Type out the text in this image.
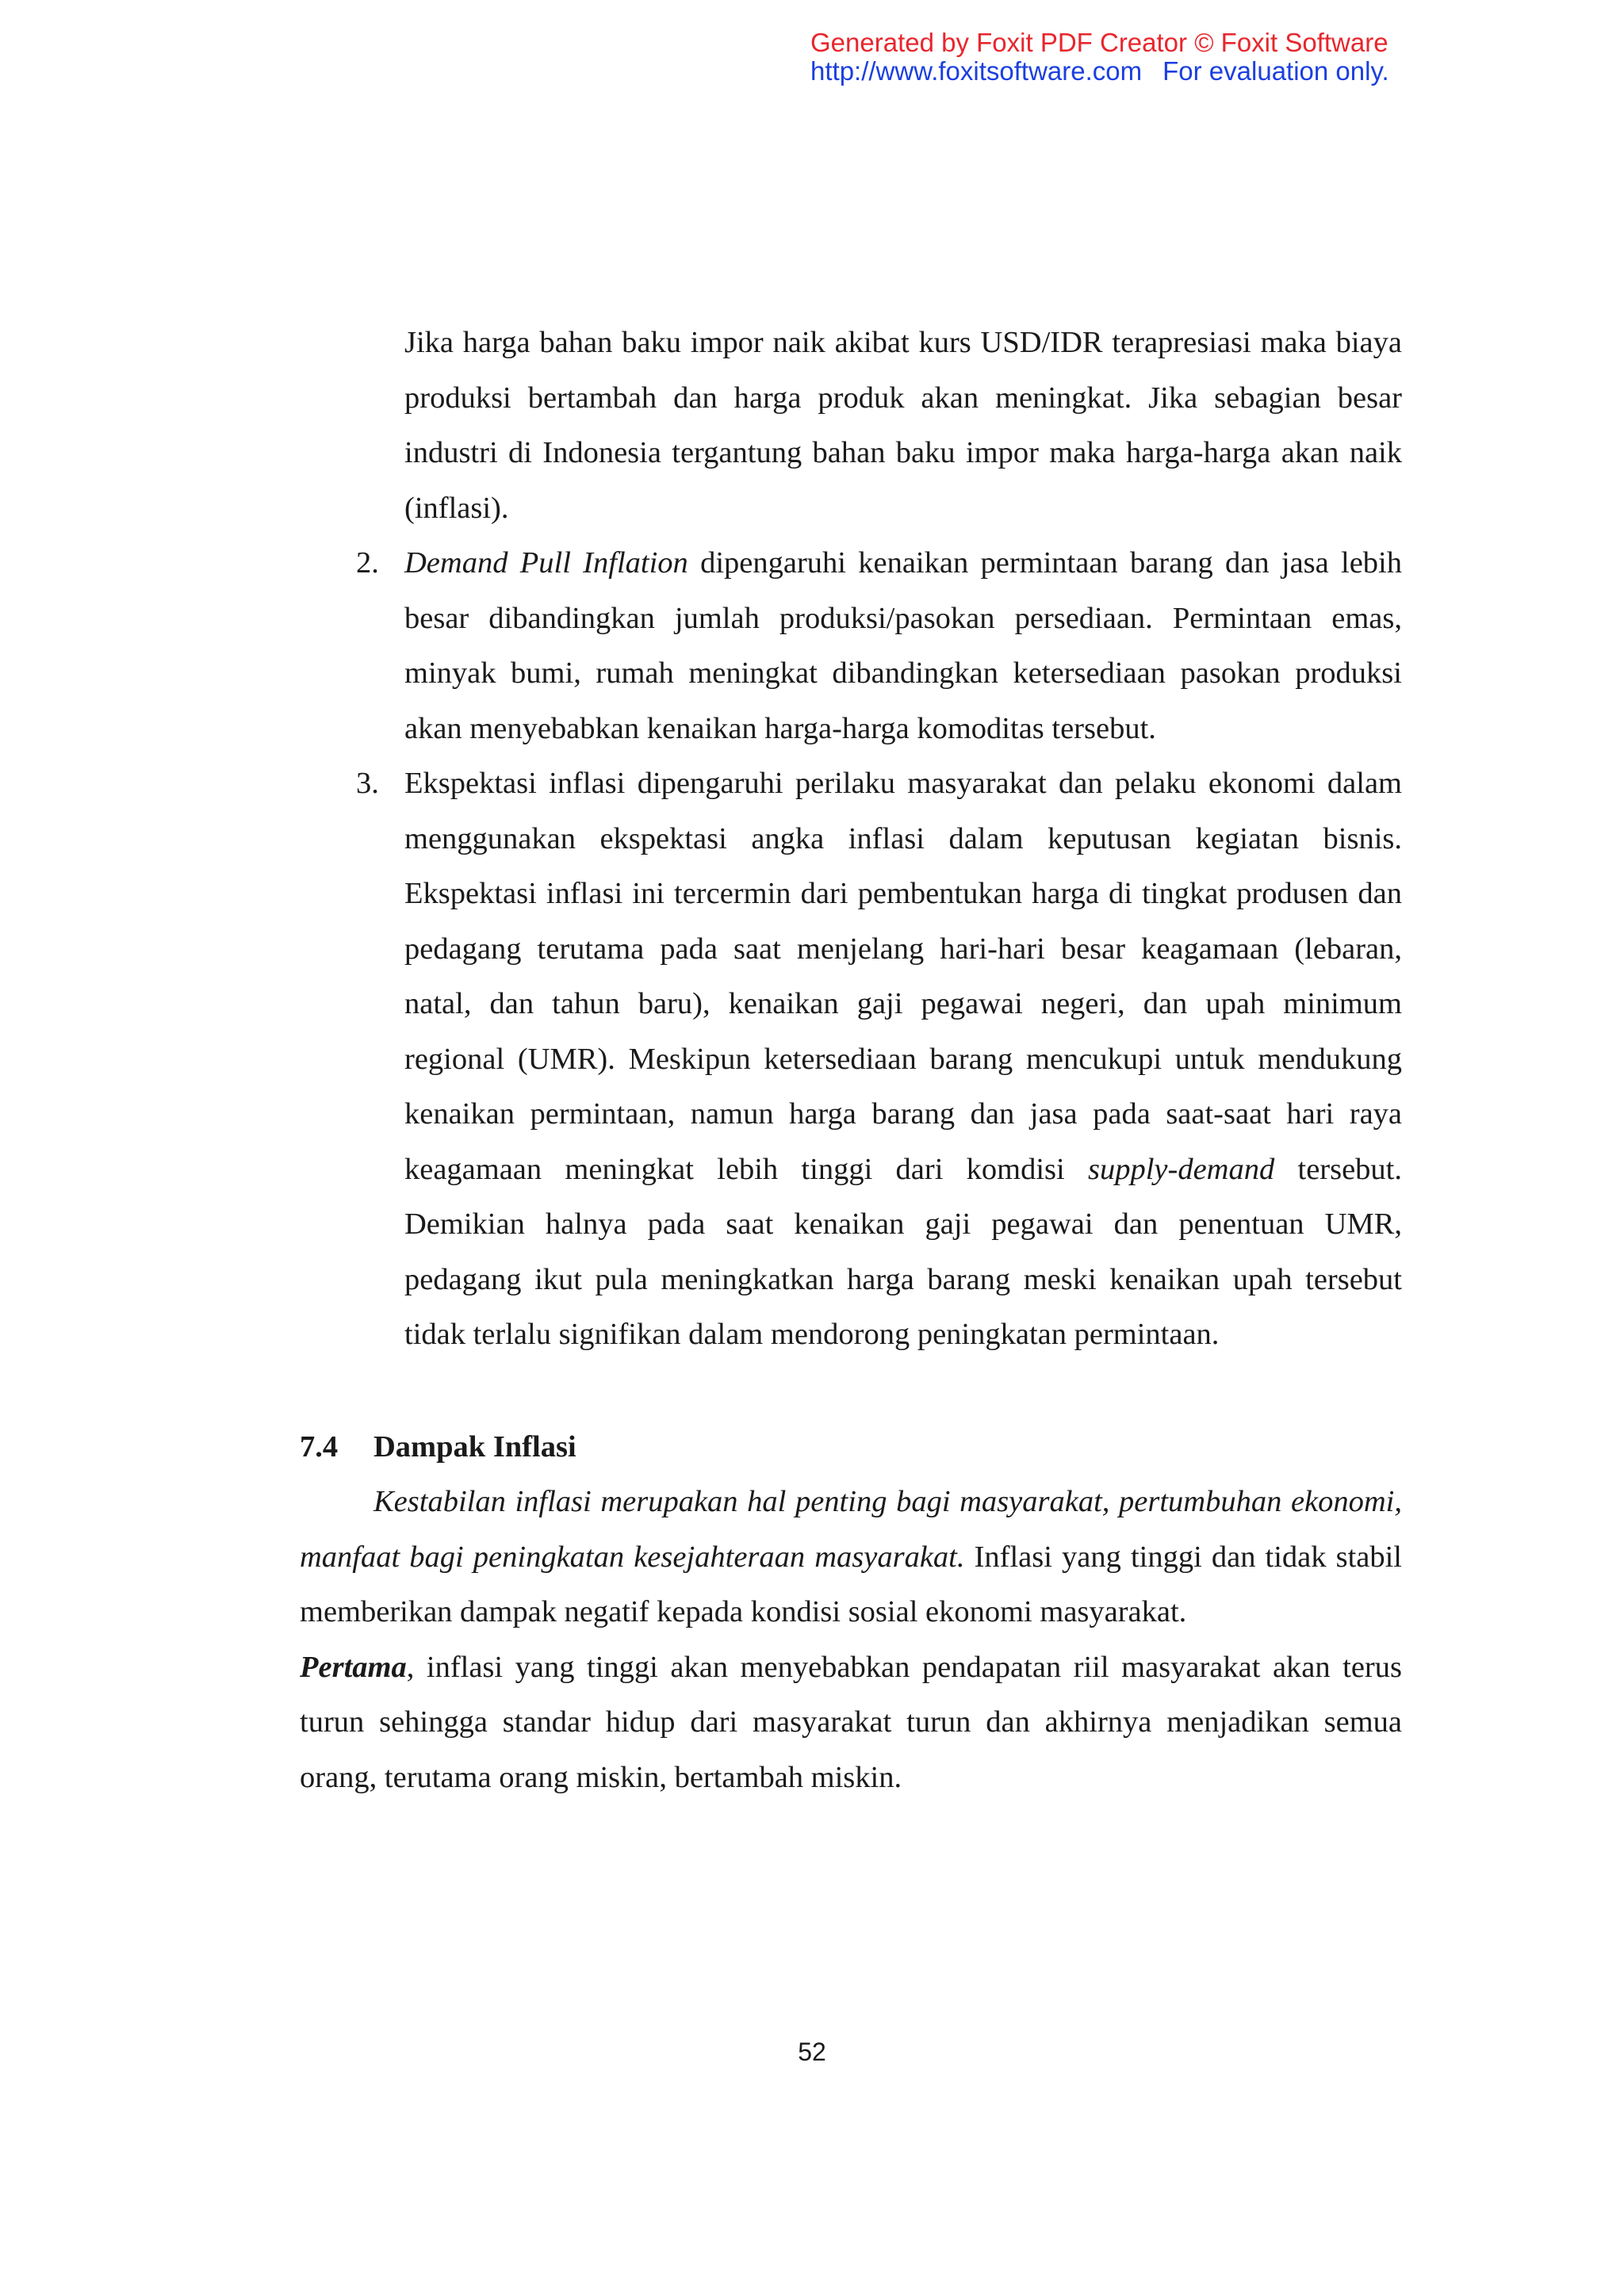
Generated by Foxit PDF Creator © Foxit Software
http://www.foxitsoftware.com For evaluation only.

Jika harga bahan baku impor naik akibat kurs USD/IDR terapresiasi maka biaya produksi bertambah dan harga produk akan meningkat. Jika sebagian besar industri di Indonesia tergantung bahan baku impor maka harga-harga akan naik (inflasi).

2. Demand Pull Inflation dipengaruhi kenaikan permintaan barang dan jasa lebih besar dibandingkan jumlah produksi/pasokan persediaan. Permintaan emas, minyak bumi, rumah meningkat dibandingkan ketersediaan pasokan produksi akan menyebabkan kenaikan harga-harga komoditas tersebut.

3. Ekspektasi inflasi dipengaruhi perilaku masyarakat dan pelaku ekonomi dalam menggunakan ekspektasi angka inflasi dalam keputusan kegiatan bisnis. Ekspektasi inflasi ini tercermin dari pembentukan harga di tingkat produsen dan pedagang terutama pada saat menjelang hari-hari besar keagamaan (lebaran, natal, dan tahun baru), kenaikan gaji pegawai negeri, dan upah minimum regional (UMR). Meskipun ketersediaan barang mencukupi untuk mendukung kenaikan permintaan, namun harga barang dan jasa pada saat-saat hari raya keagamaan meningkat lebih tinggi dari komdisi supply-demand tersebut. Demikian halnya pada saat kenaikan gaji pegawai dan penentuan UMR, pedagang ikut pula meningkatkan harga barang meski kenaikan upah tersebut tidak terlalu signifikan dalam mendorong peningkatan permintaan.

7.4 Dampak Inflasi

Kestabilan inflasi merupakan hal penting bagi masyarakat, pertumbuhan ekonomi, manfaat bagi peningkatan kesejahteraan masyarakat. Inflasi yang tinggi dan tidak stabil memberikan dampak negatif kepada kondisi sosial ekonomi masyarakat.

Pertama, inflasi yang tinggi akan menyebabkan pendapatan riil masyarakat akan terus turun sehingga standar hidup dari masyarakat turun dan akhirnya menjadikan semua orang, terutama orang miskin, bertambah miskin.

52
